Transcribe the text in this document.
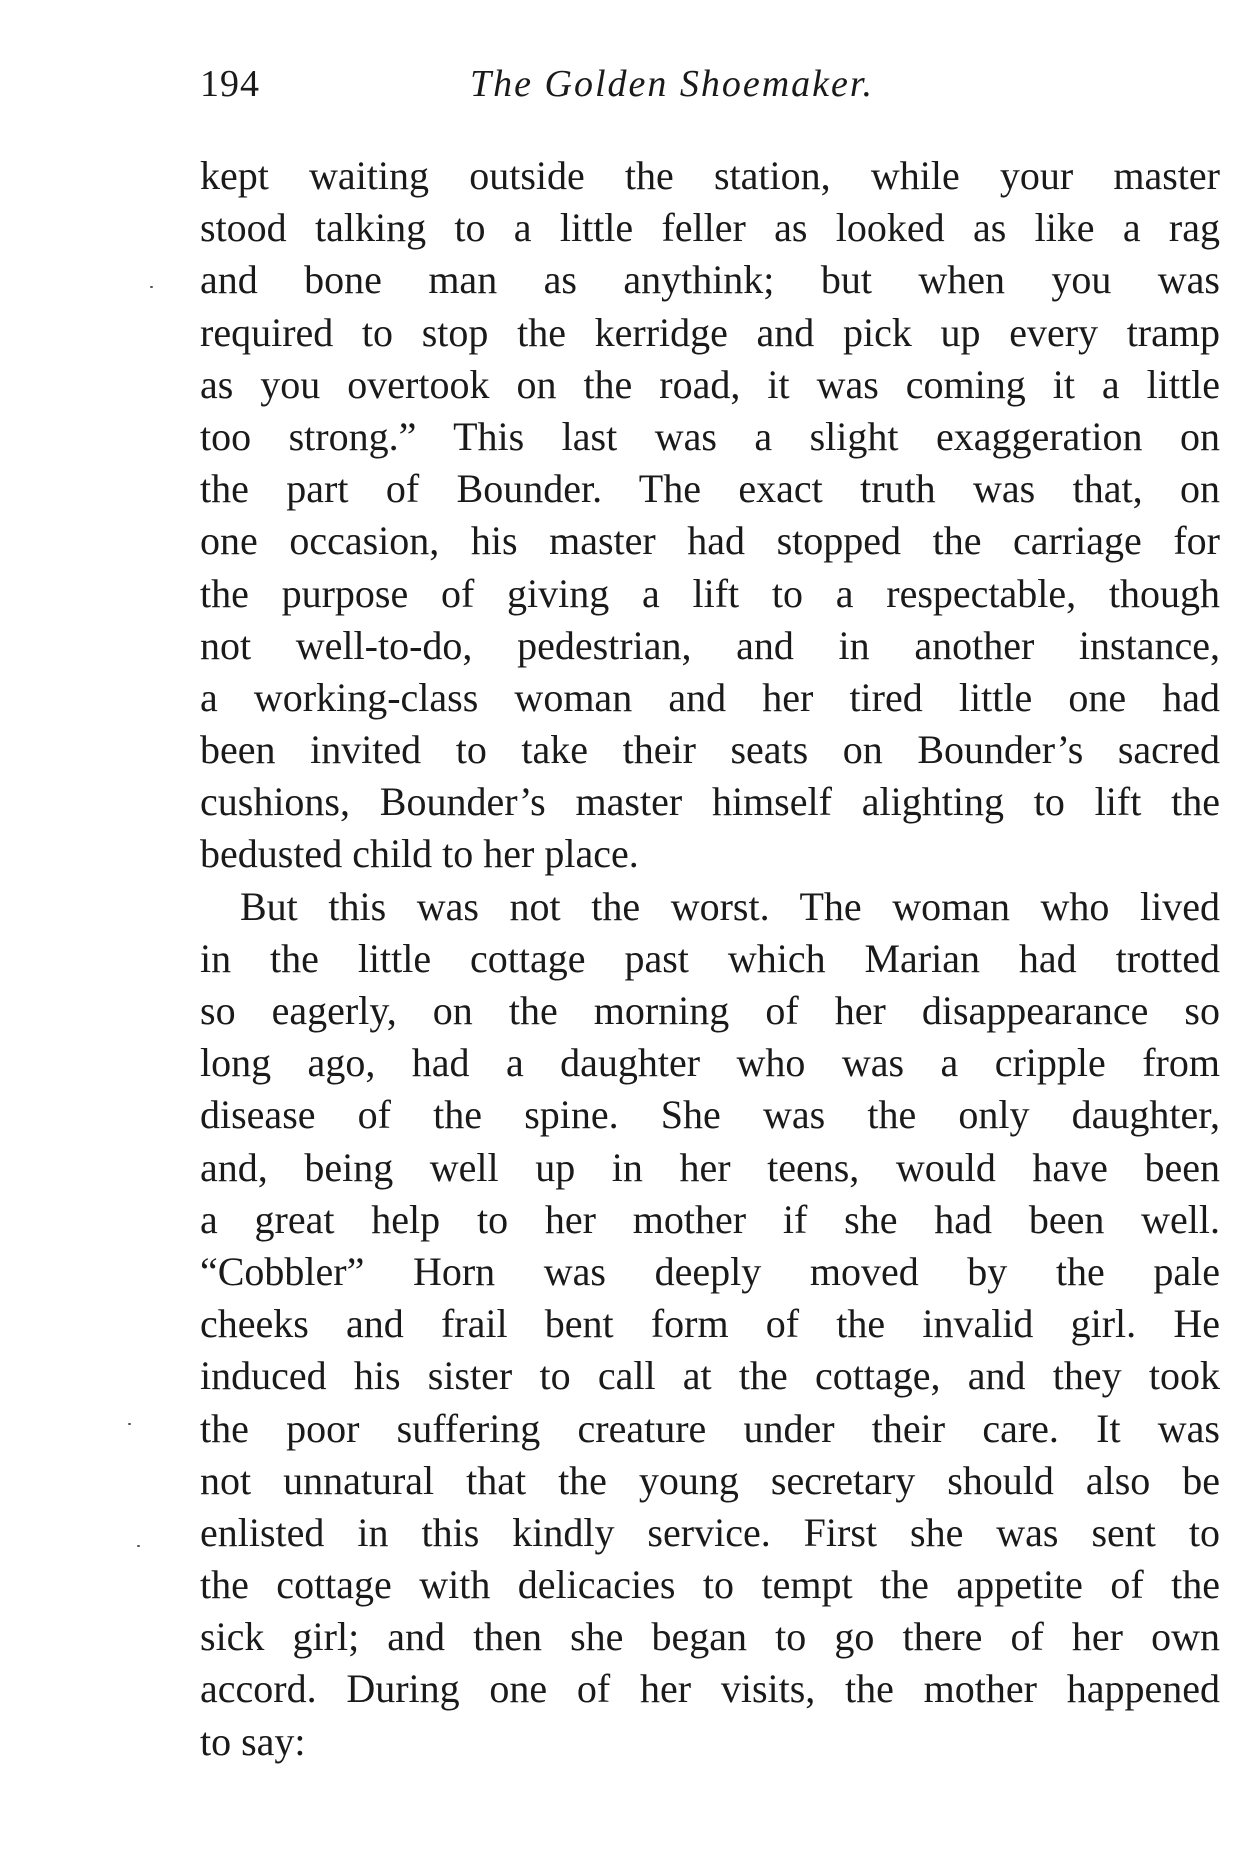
194	The Golden Shoemaker.
kept waiting outside the station, while your master
stood talking to a little feller as looked as like a rag
and bone man as anythink; but when you was
required to stop the kerridge and pick up every tramp
as you overtook on the road, it was coming it a little
too strong.” This last was a slight exaggeration on
the part of Bounder. The exact truth was that, on
one occasion, his master had stopped the carriage for
the purpose of giving a lift to a respectable, though
not well-to-do, pedestrian, and in another instance,
a working-class woman and her tired little one had
been invited to take their seats on Bounder’s sacred
cushions, Bounder’s master himself alighting to lift the
bedusted child to her place.
But this was not the worst. The woman who lived
in the little cottage past which Marian had trotted
so eagerly, on the morning of her disappearance so
long ago, had a daughter who was a cripple from
disease of the spine. She was the only daughter,
and, being well up in her teens, would have been
a great help to her mother if she had been well.
“Cobbler” Horn was deeply moved by the pale
cheeks and frail bent form of the invalid girl. He
induced his sister to call at the cottage, and they took
the poor suffering creature under their care. It was
not unnatural that the young secretary should also be
enlisted in this kindly service. First she was sent to
the cottage with delicacies to tempt the appetite of the
sick girl; and then she began to go there of her own
accord. During one of her visits, the mother happened
to say:
